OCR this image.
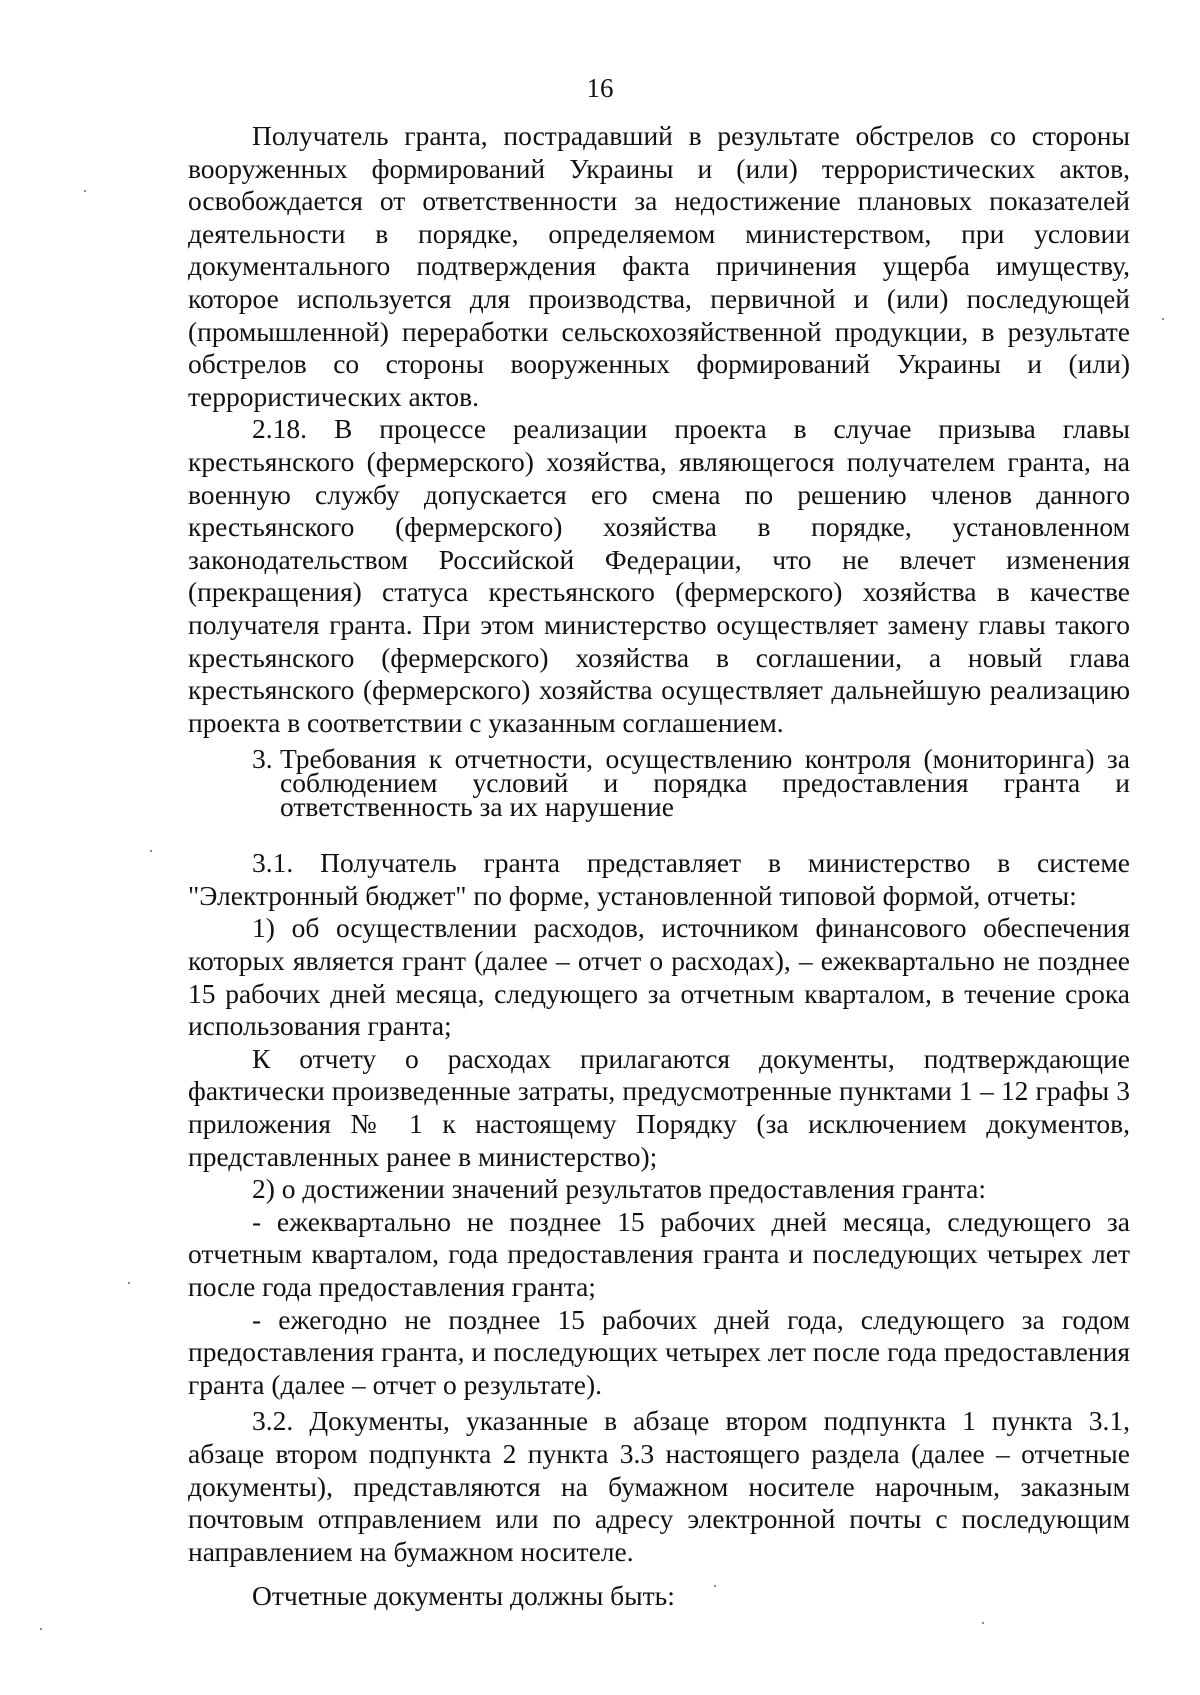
16

Получатель гранта, пострадавший в результате обстрелов со стороны вооруженных формирований Украины и (или) террористических актов, освобождается от ответственности за недостижение плановых показателей деятельности в порядке, определяемом министерством, при условии документального подтверждения факта причинения ущерба имуществу, которое используется для производства, первичной и (или) последующей (промышленной) переработки сельскохозяйственной продукции, в результате обстрелов со стороны вооруженных формирований Украины и (или) террористических актов.

2.18. В процессе реализации проекта в случае призыва главы крестьянского (фермерского) хозяйства, являющегося получателем гранта, на военную службу допускается его смена по решению членов данного крестьянского (фермерского) хозяйства в порядке, установленном законодательством Российской Федерации, что не влечет изменения (прекращения) статуса крестьянского (фермерского) хозяйства в качестве получателя гранта. При этом министерство осуществляет замену главы такого крестьянского (фермерского) хозяйства в соглашении, а новый глава крестьянского (фермерского) хозяйства осуществляет дальнейшую реализацию проекта в соответствии с указанным соглашением.

3. Требования к отчетности, осуществлению контроля (мониторинга) за соблюдением условий и порядка предоставления гранта и ответственность за их нарушение

3.1. Получатель гранта представляет в министерство в системе "Электронный бюджет" по форме, установленной типовой формой, отчеты:

1) об осуществлении расходов, источником финансового обеспечения которых является грант (далее – отчет о расходах), – ежеквартально не позднее 15 рабочих дней месяца, следующего за отчетным кварталом, в течение срока использования гранта;

К отчету о расходах прилагаются документы, подтверждающие фактически произведенные затраты, предусмотренные пунктами 1 – 12 графы 3 приложения № 1 к настоящему Порядку (за исключением документов, представленных ранее в министерство);

2) о достижении значений результатов предоставления гранта:

- ежеквартально не позднее 15 рабочих дней месяца, следующего за отчетным кварталом, года предоставления гранта и последующих четырех лет после года предоставления гранта;

- ежегодно не позднее 15 рабочих дней года, следующего за годом предоставления гранта, и последующих четырех лет после года предоставления гранта (далее – отчет о результате).

3.2. Документы, указанные в абзаце втором подпункта 1 пункта 3.1, абзаце втором подпункта 2 пункта 3.3 настоящего раздела (далее – отчетные документы), представляются на бумажном носителе нарочным, заказным почтовым отправлением или по адресу электронной почты с последующим направлением на бумажном носителе.

Отчетные документы должны быть:
